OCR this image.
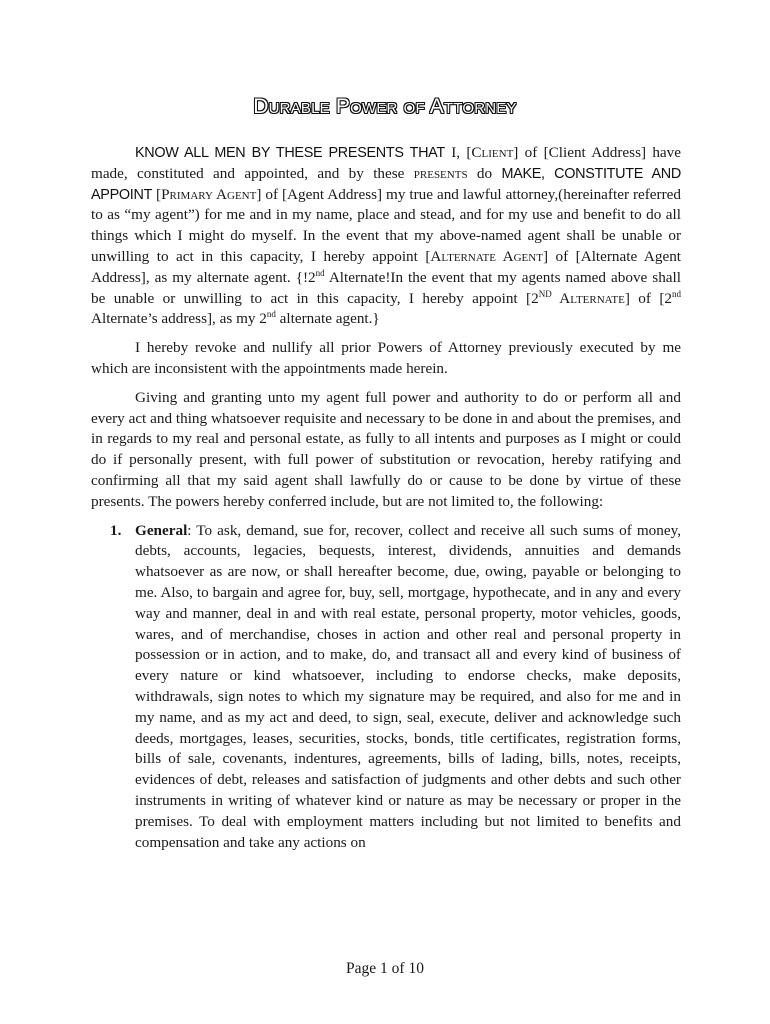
Durable Power of Attorney

KNOW ALL MEN BY THESE PRESENTS THAT I, [Client] of [Client Address] have made, constituted and appointed, and by these presents do MAKE, CONSTITUTE AND APPOINT [Primary Agent] of [Agent Address] my true and lawful attorney,(hereinafter referred to as “my agent”) for me and in my name, place and stead, and for my use and benefit to do all things which I might do myself. In the event that my above-named agent shall be unable or unwilling to act in this capacity, I hereby appoint [Alternate Agent] of [Alternate Agent Address], as my alternate agent. {!2nd Alternate!In the event that my agents named above shall be unable or unwilling to act in this capacity, I hereby appoint [2ND Alternate] of [2nd Alternate’s address], as my 2nd alternate agent.}

I hereby revoke and nullify all prior Powers of Attorney previously executed by me which are inconsistent with the appointments made herein.

Giving and granting unto my agent full power and authority to do or perform all and every act and thing whatsoever requisite and necessary to be done in and about the premises, and in regards to my real and personal estate, as fully to all intents and purposes as I might or could do if personally present, with full power of substitution or revocation, hereby ratifying and confirming all that my said agent shall lawfully do or cause to be done by virtue of these presents. The powers hereby conferred include, but are not limited to, the following:

1. General: To ask, demand, sue for, recover, collect and receive all such sums of money, debts, accounts, legacies, bequests, interest, dividends, annuities and demands whatsoever as are now, or shall hereafter become, due, owing, payable or belonging to me. Also, to bargain and agree for, buy, sell, mortgage, hypothecate, and in any and every way and manner, deal in and with real estate, personal property, motor vehicles, goods, wares, and of merchandise, choses in action and other real and personal property in possession or in action, and to make, do, and transact all and every kind of business of every nature or kind whatsoever, including to endorse checks, make deposits, withdrawals, sign notes to which my signature may be required, and also for me and in my name, and as my act and deed, to sign, seal, execute, deliver and acknowledge such deeds, mortgages, leases, securities, stocks, bonds, title certificates, registration forms, bills of sale, covenants, indentures, agreements, bills of lading, bills, notes, receipts, evidences of debt, releases and satisfaction of judgments and other debts and such other instruments in writing of whatever kind or nature as may be necessary or proper in the premises. To deal with employment matters including but not limited to benefits and compensation and take any actions on

Page 1 of 10
